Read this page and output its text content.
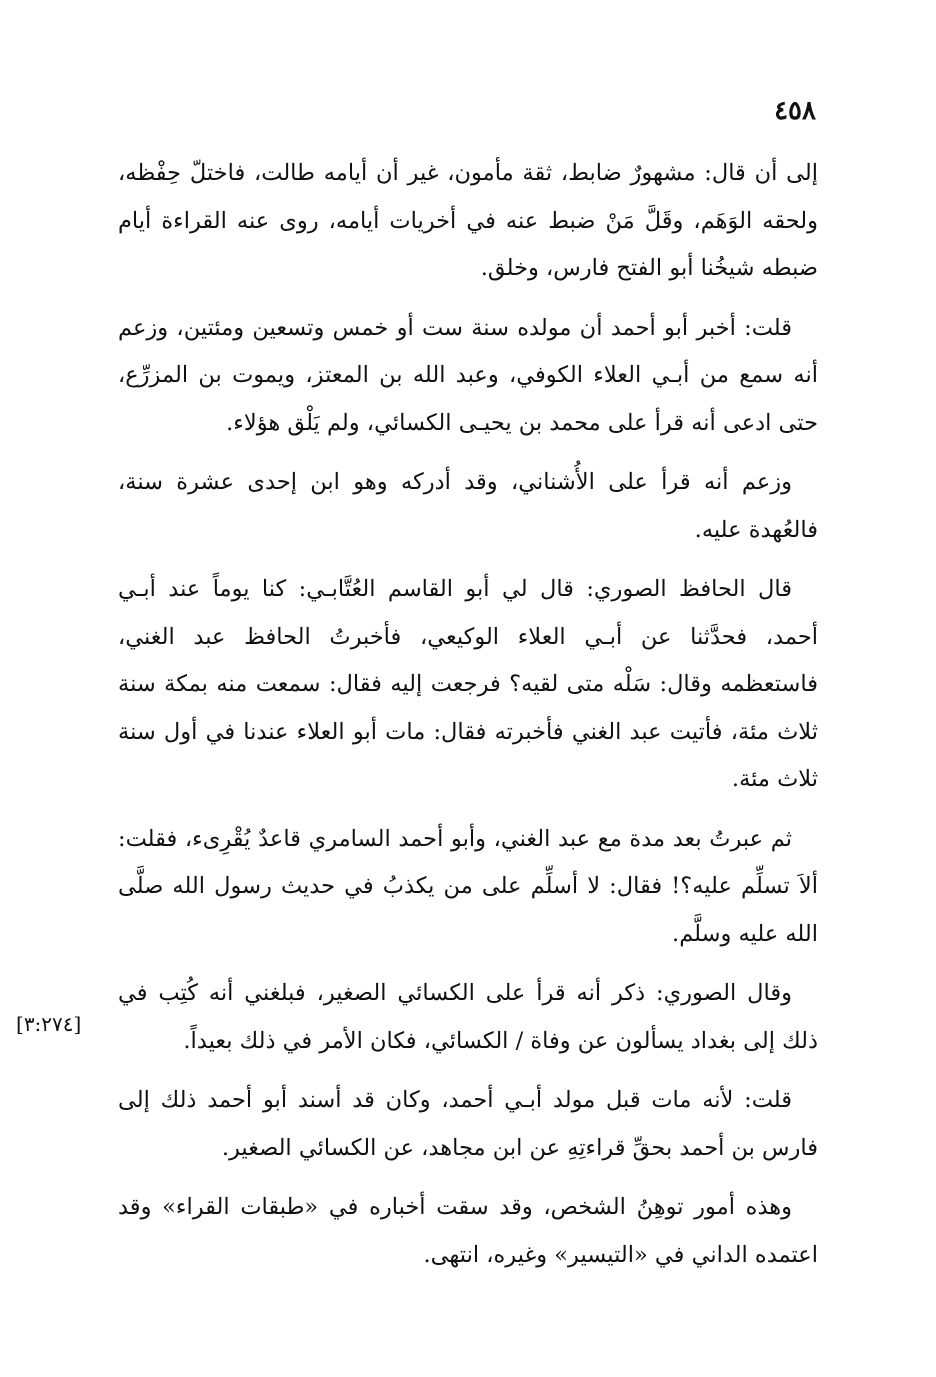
٤٥٨

إلى أن قال: مشهورٌ ضابط، ثقة مأمون، غير أن أيامه طالت، فاختلّ حِفْظه، ولحقه الوَهَم، وقَلَّ مَنْ ضبط عنه في أخريات أيامه، روى عنه القراءة أيام ضبطه شيخُنا أبو الفتح فارس، وخلق.

قلت: أخبر أبو أحمد أن مولده سنة ست أو خمس وتسعين ومئتين، وزعم أنه سمع من أبـي العلاء الكوفي، وعبد الله بن المعتز، ويموت بن المزرِّع، حتى ادعى أنه قرأ على محمد بن يحيـى الكسائي، ولم يَلْق هؤلاء.

وزعم أنه قرأ على الأُشناني، وقد أدركه وهو ابن إحدى عشرة سنة، فالعُهدة عليه.

قال الحافظ الصوري: قال لي أبو القاسم العُتَّابـي: كنا يوماً عند أبـي أحمد، فحدَّثنا عن أبـي العلاء الوكيعي، فأخبرتُ الحافظ عبد الغني، فاستعظمه وقال: سَلْه متى لقيه؟ فرجعت إليه فقال: سمعت منه بمكة سنة ثلاث مئة، فأتيت عبد الغني فأخبرته فقال: مات أبو العلاء عندنا في أول سنة ثلاث مئة.

ثم عبرتُ بعد مدة مع عبد الغني، وأبو أحمد السامري قاعدٌ يُقْرِىء، فقلت: ألاَ تسلِّم عليه؟! فقال: لا أسلِّم على من يكذبُ في حديث رسول الله صلَّى الله عليه وسلَّم.

وقال الصوري: ذكر أنه قرأ على الكسائي الصغير، فبلغني أنه كُتِب في ذلك إلى بغداد يسألون عن وفاة / الكسائي، فكان الأمر في ذلك بعيداً.

قلت: لأنه مات قبل مولد أبـي أحمد، وكان قد أسند أبو أحمد ذلك إلى فارس بن أحمد بحقِّ قراءتِهِ عن ابن مجاهد، عن الكسائي الصغير.

وهذه أمور توهِنُ الشخص، وقد سقت أخباره في «طبقات القراء» وقد اعتمده الداني في «التيسير» وغيره، انتهى.

[٣:٢٧٤]
